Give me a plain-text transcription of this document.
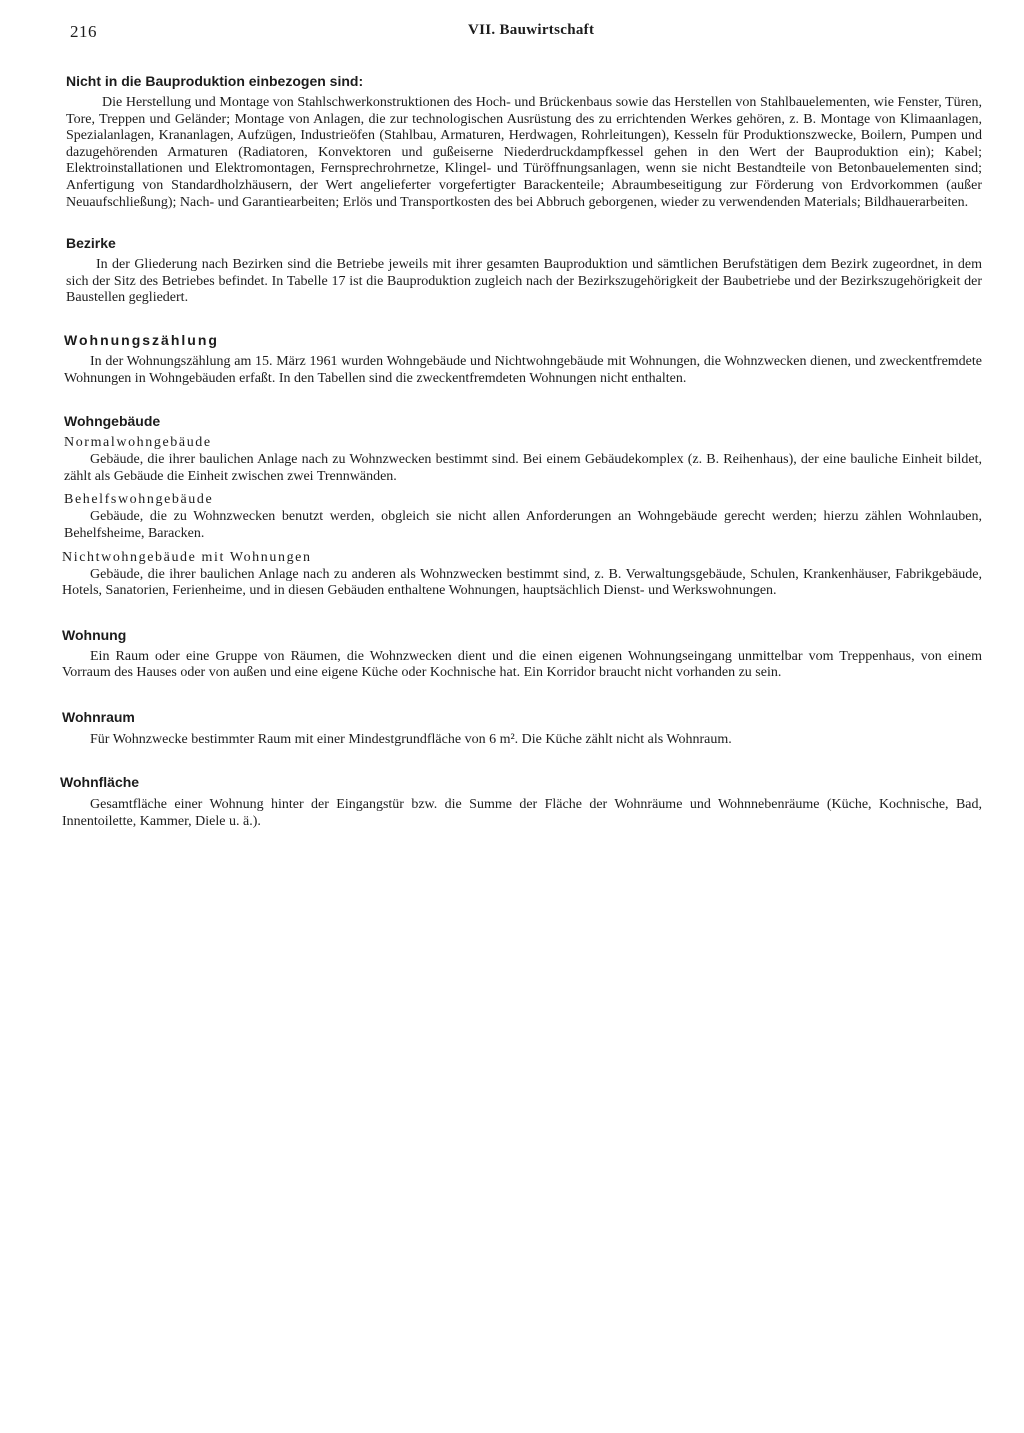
216	VII. Bauwirtschaft
Nicht in die Bauproduktion einbezogen sind:

Die Herstellung und Montage von Stahlschwerkonstruktionen des Hoch- und Brückenbaus sowie das Herstellen von Stahlbauelementen, wie Fenster, Türen, Tore, Treppen und Geländer; Montage von Anlagen, die zur technologischen Ausrüstung des zu errichtenden Werkes gehören, z. B. Montage von Klimaanlagen, Spezialanlagen, Krananlagen, Aufzügen, Industrieöfen (Stahlbau, Armaturen, Herdwagen, Rohrleitungen), Kesseln für Produktionszwecke, Boilern, Pumpen und dazugehörenden Armaturen (Radiatoren, Konvektoren und gußeiserne Niederdruckdampfkessel gehen in den Wert der Bauproduktion ein); Kabel; Elektroinstallationen und Elektromontagen, Fernsprechrohrnetze, Klingel- und Türöffnungsanlagen, wenn sie nicht Bestandteile von Betonbauelementen sind; Anfertigung von Standardholzhäusern, der Wert angelieferter vorgefertigter Barackenteile; Abraumbeseitigung zur Förderung von Erdvorkommen (außer Neuaufschließung); Nach- und Garantiearbeiten; Erlös und Transportkosten des bei Abbruch geborgenen, wieder zu verwendenden Materials; Bildhauerarbeiten.

Bezirke

In der Gliederung nach Bezirken sind die Betriebe jeweils mit ihrer gesamten Bauproduktion und sämtlichen Berufstätigen dem Bezirk zugeordnet, in dem sich der Sitz des Betriebes befindet. In Tabelle 17 ist die Bauproduktion zugleich nach der Bezirkszugehörigkeit der Baubetriebe und der Bezirkszugehörigkeit der Baustellen gegliedert.

Wohnungszählung

In der Wohnungszählung am 15. März 1961 wurden Wohngebäude und Nichtwohngebäude mit Wohnungen, die Wohnzwecken dienen, und zweckentfremdete Wohnungen in Wohngebäuden erfaßt. In den Tabellen sind die zweckentfremdeten Wohnungen nicht enthalten.

Wohngebäude
Normalwohngebäude

Gebäude, die ihrer baulichen Anlage nach zu Wohnzwecken bestimmt sind. Bei einem Gebäudekomplex (z. B. Reihenhaus), der eine bauliche Einheit bildet, zählt als Gebäude die Einheit zwischen zwei Trennwänden.

Behelfswohngebäude

Gebäude, die zu Wohnzwecken benutzt werden, obgleich sie nicht allen Anforderungen an Wohngebäude gerecht werden; hierzu zählen Wohnlauben, Behelfsheime, Baracken.

Nichtwohngebäude mit Wohnungen

Gebäude, die ihrer baulichen Anlage nach zu anderen als Wohnzwecken bestimmt sind, z. B. Verwaltungsgebäude, Schulen, Krankenhäuser, Fabrikgebäude, Hotels, Sanatorien, Ferienheime, und in diesen Gebäuden enthaltene Wohnungen, hauptsächlich Dienst- und Werkswohnungen.

Wohnung

Ein Raum oder eine Gruppe von Räumen, die Wohnzwecken dient und die einen eigenen Wohnungseingang unmittelbar vom Treppenhaus, von einem Vorraum des Hauses oder von außen und eine eigene Küche oder Kochnische hat. Ein Korridor braucht nicht vorhanden zu sein.

Wohnraum

Für Wohnzwecke bestimmter Raum mit einer Mindestgrundfläche von 6 m². Die Küche zählt nicht als Wohnraum.

Wohnfläche

Gesamtfläche einer Wohnung hinter der Eingangstür bzw. die Summe der Fläche der Wohnräume und Wohnnebenräume (Küche, Kochnische, Bad, Innentoilette, Kammer, Diele u. ä.).
